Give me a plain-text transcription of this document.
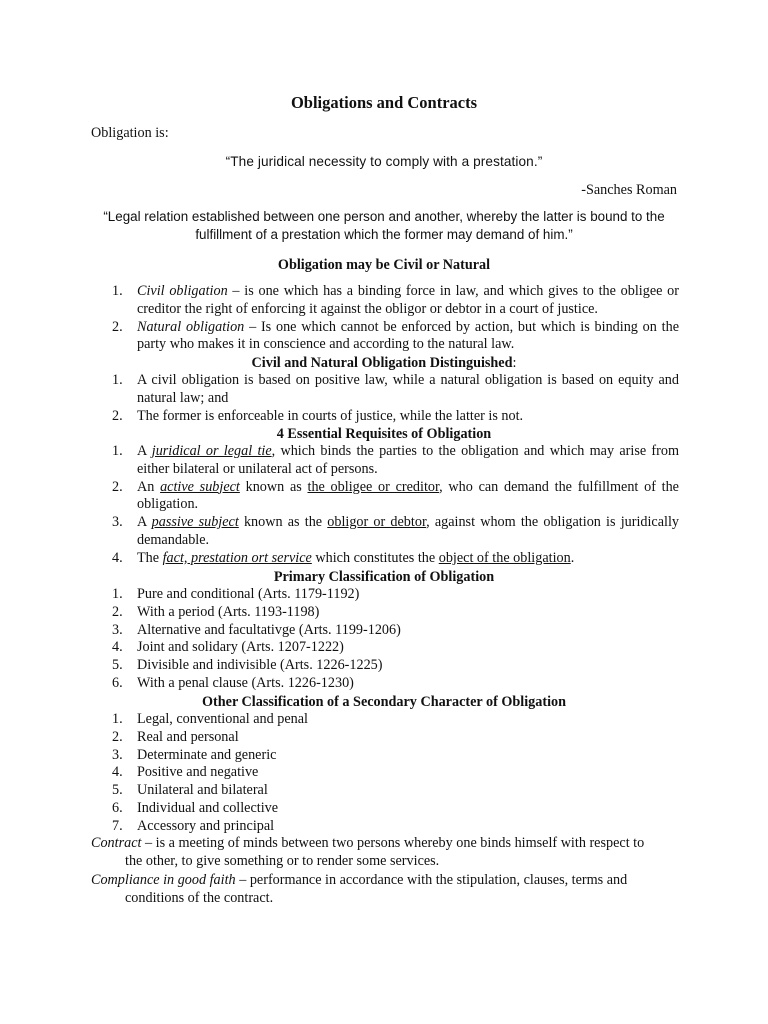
Obligations and Contracts
Obligation is:
“The juridical necessity to comply with a prestation.”
-Sanches Roman
“Legal relation established between one person and another, whereby the latter is bound to the fulfillment of a prestation which the former may demand of him.”
Obligation may be Civil or Natural
1. Civil obligation – is one which has a binding force in law, and which gives to the obligee or creditor the right of enforcing it against the obligor or debtor in a court of justice.
2. Natural obligation – Is one which cannot be enforced by action, but which is binding on the party who makes it in conscience and according to the natural law.
Civil and Natural Obligation Distinguished:
1. A civil obligation is based on positive law, while a natural obligation is based on equity and natural law; and
2. The former is enforceable in courts of justice, while the latter is not.
4 Essential Requisites of Obligation
1. A juridical or legal tie, which binds the parties to the obligation and which may arise from either bilateral or unilateral act of persons.
2. An active subject known as the obligee or creditor, who can demand the fulfillment of the obligation.
3. A passive subject known as the obligor or debtor, against whom the obligation is juridically demandable.
4. The fact, prestation ort service which constitutes the object of the obligation.
Primary Classification of Obligation
1. Pure and conditional (Arts. 1179-1192)
2. With a period (Arts. 1193-1198)
3. Alternative and facultativge (Arts. 1199-1206)
4. Joint and solidary (Arts. 1207-1222)
5. Divisible and indivisible (Arts. 1226-1225)
6. With a penal clause (Arts. 1226-1230)
Other Classification of a Secondary Character of Obligation
1. Legal, conventional and penal
2. Real and personal
3. Determinate and generic
4. Positive and negative
5. Unilateral and bilateral
6. Individual and collective
7. Accessory and principal
Contract – is a meeting of minds between two persons whereby one binds himself with respect to
the other, to give something or to render some services.
Compliance in good faith – performance in accordance with the stipulation, clauses, terms and
conditions of the contract.
